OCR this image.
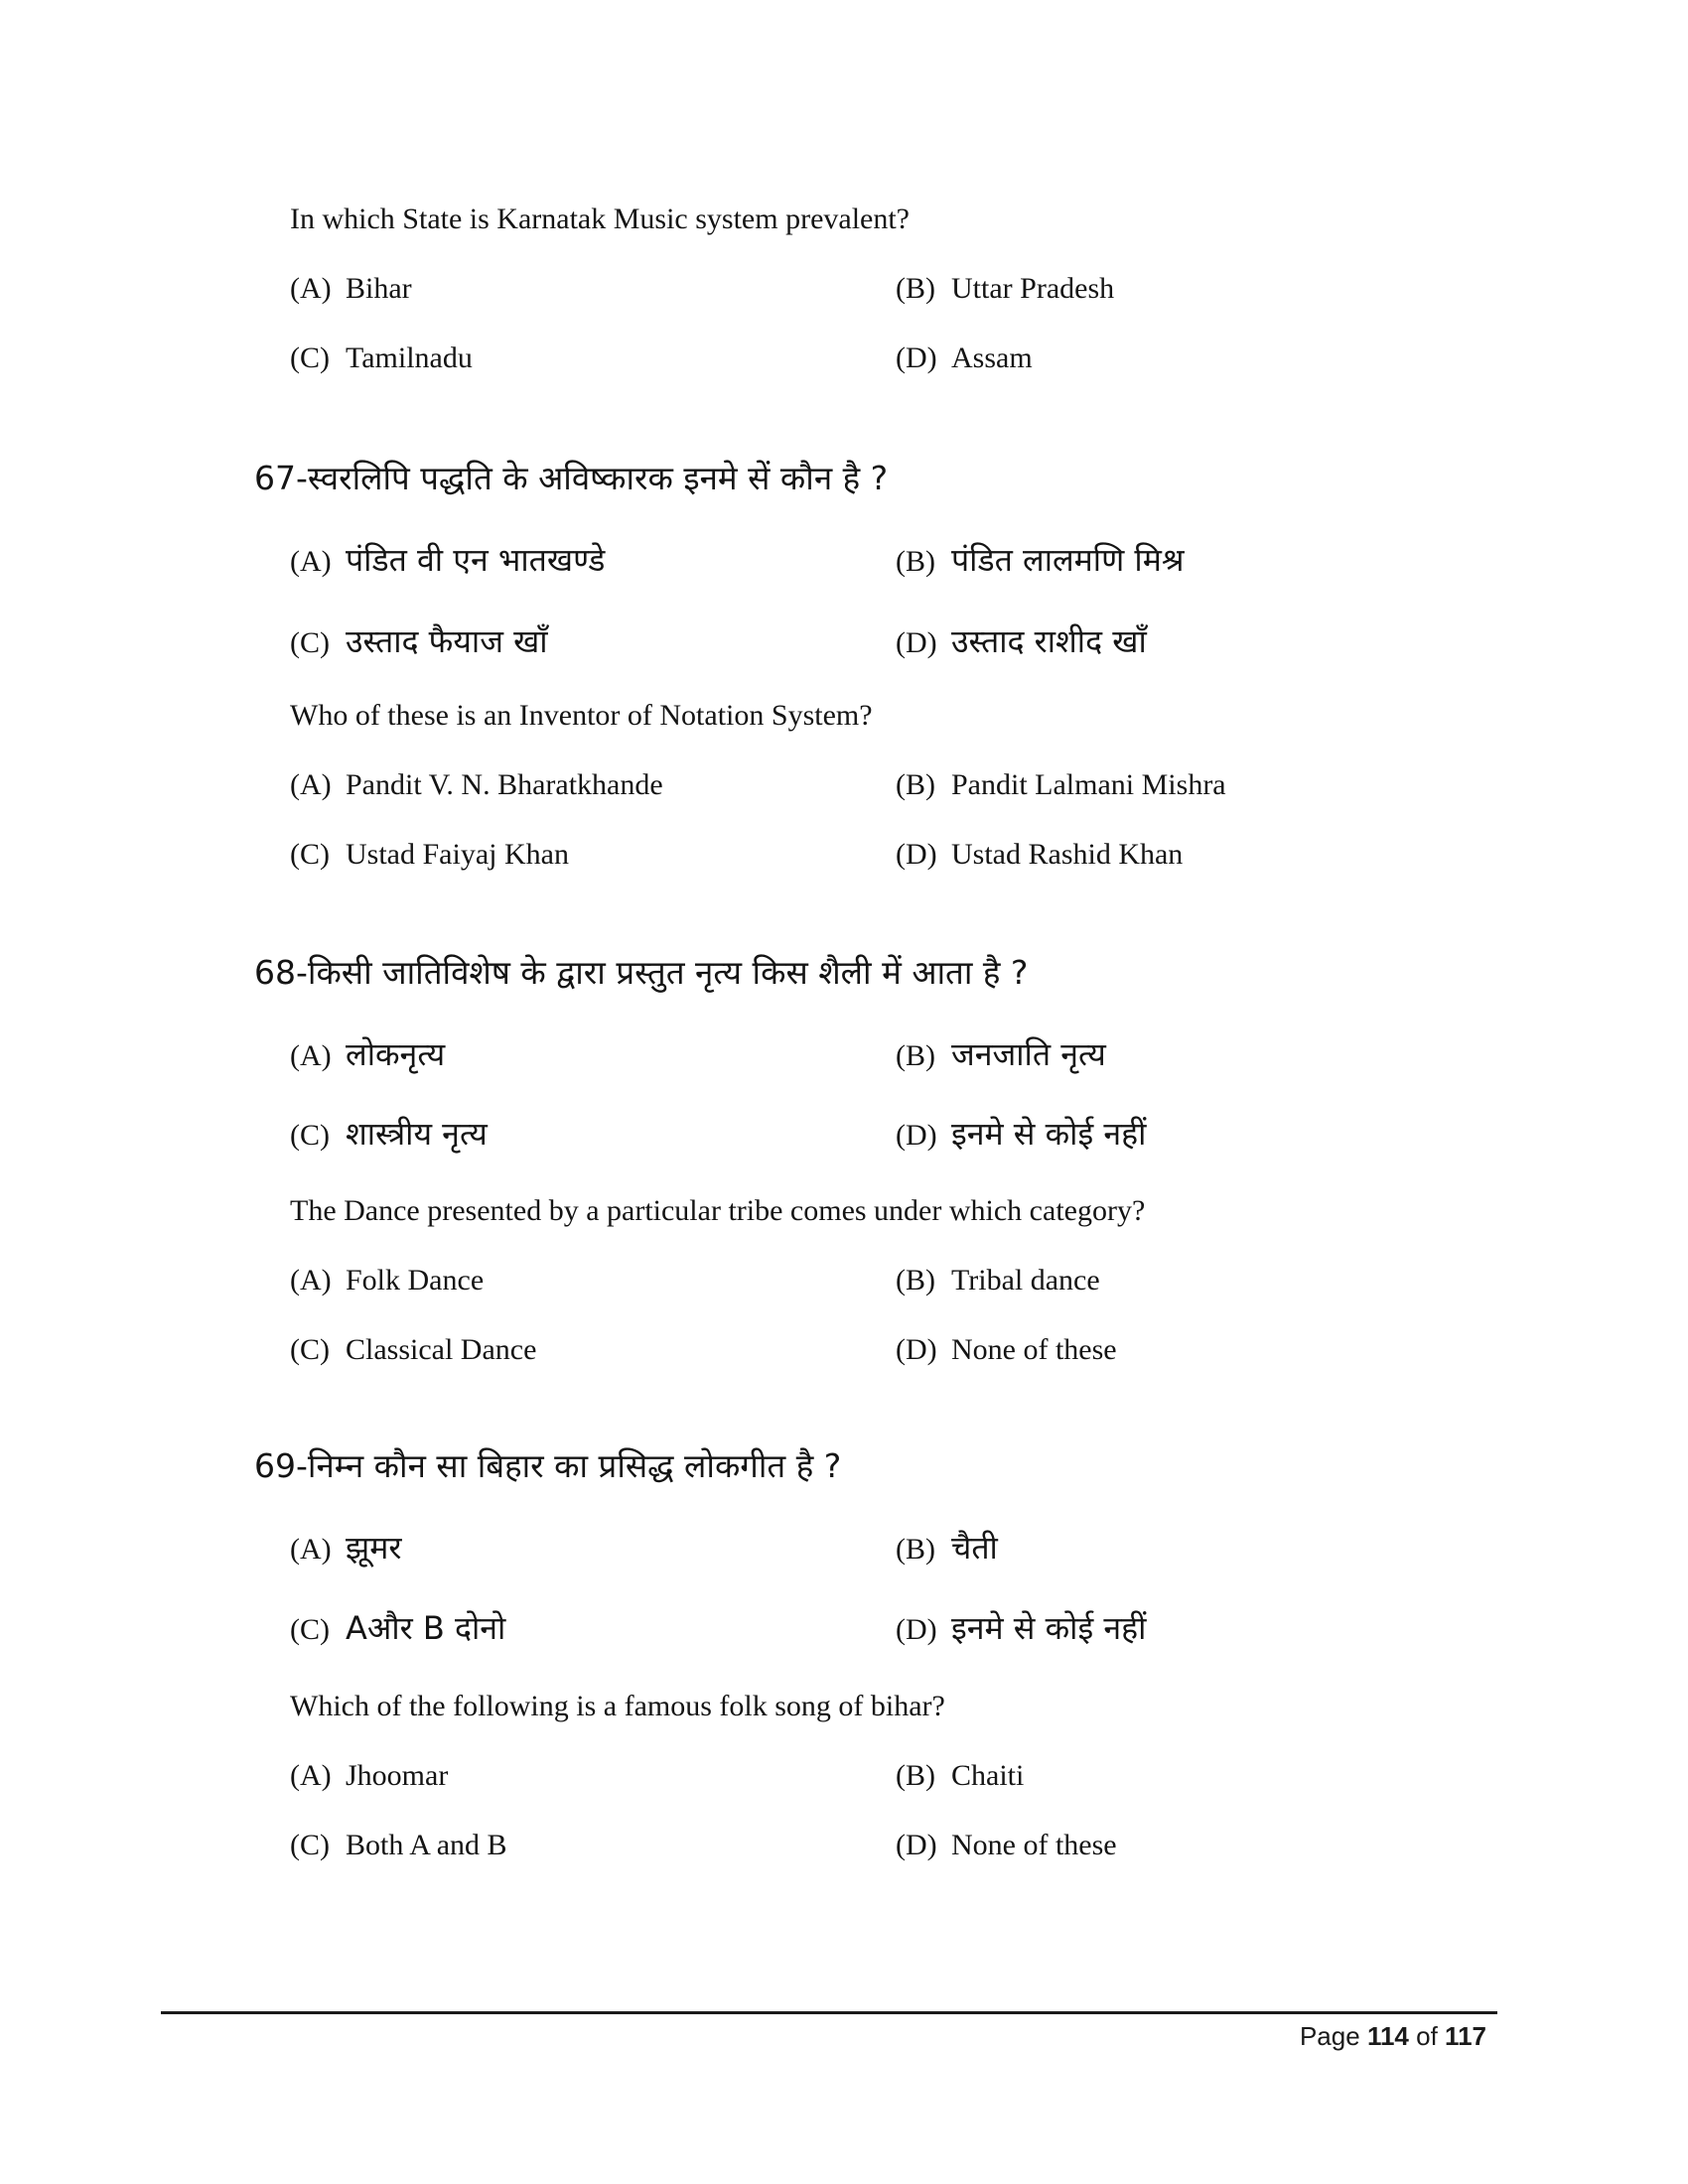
In which State is Karnatak Music system prevalent?
(A) Bihar	(B) Uttar Pradesh
(C) Tamilnadu	(D) Assam
67-स्वरलिपि पद्धति के अविष्कारक इनमे सें कौन है ?
(A) पंडित वी एन भातखण्डे	(B) पंडित लालमणि मिश्र
(C) उस्ताद फैयाज खाँ	(D) उस्ताद राशीद खाँ
Who of these is an Inventor of Notation System?
(A) Pandit V. N. Bharatkhande	(B) Pandit Lalmani Mishra
(C) Ustad Faiyaj Khan	(D) Ustad Rashid Khan
68-किसी जातिविशेष के द्वारा प्रस्तुत नृत्य किस शैली में आता है ?
(A) लोकनृत्य	(B) जनजाति नृत्य
(C) शास्त्रीय नृत्य	(D) इनमे से कोई नहीं
The Dance presented by a particular tribe comes under which category?
(A) Folk Dance	(B) Tribal dance
(C) Classical Dance	(D) None of these
69-निम्न कौन सा बिहार का प्रसिद्ध लोकगीत है ?
(A) झूमर	(B) चैती
(C) Aऔर B दोनो	(D) इनमे से कोई नहीं
Which of the following is a famous folk song of bihar?
(A) Jhoomar	(B) Chaiti
(C) Both A and B	(D) None of these
Page 114 of 117
